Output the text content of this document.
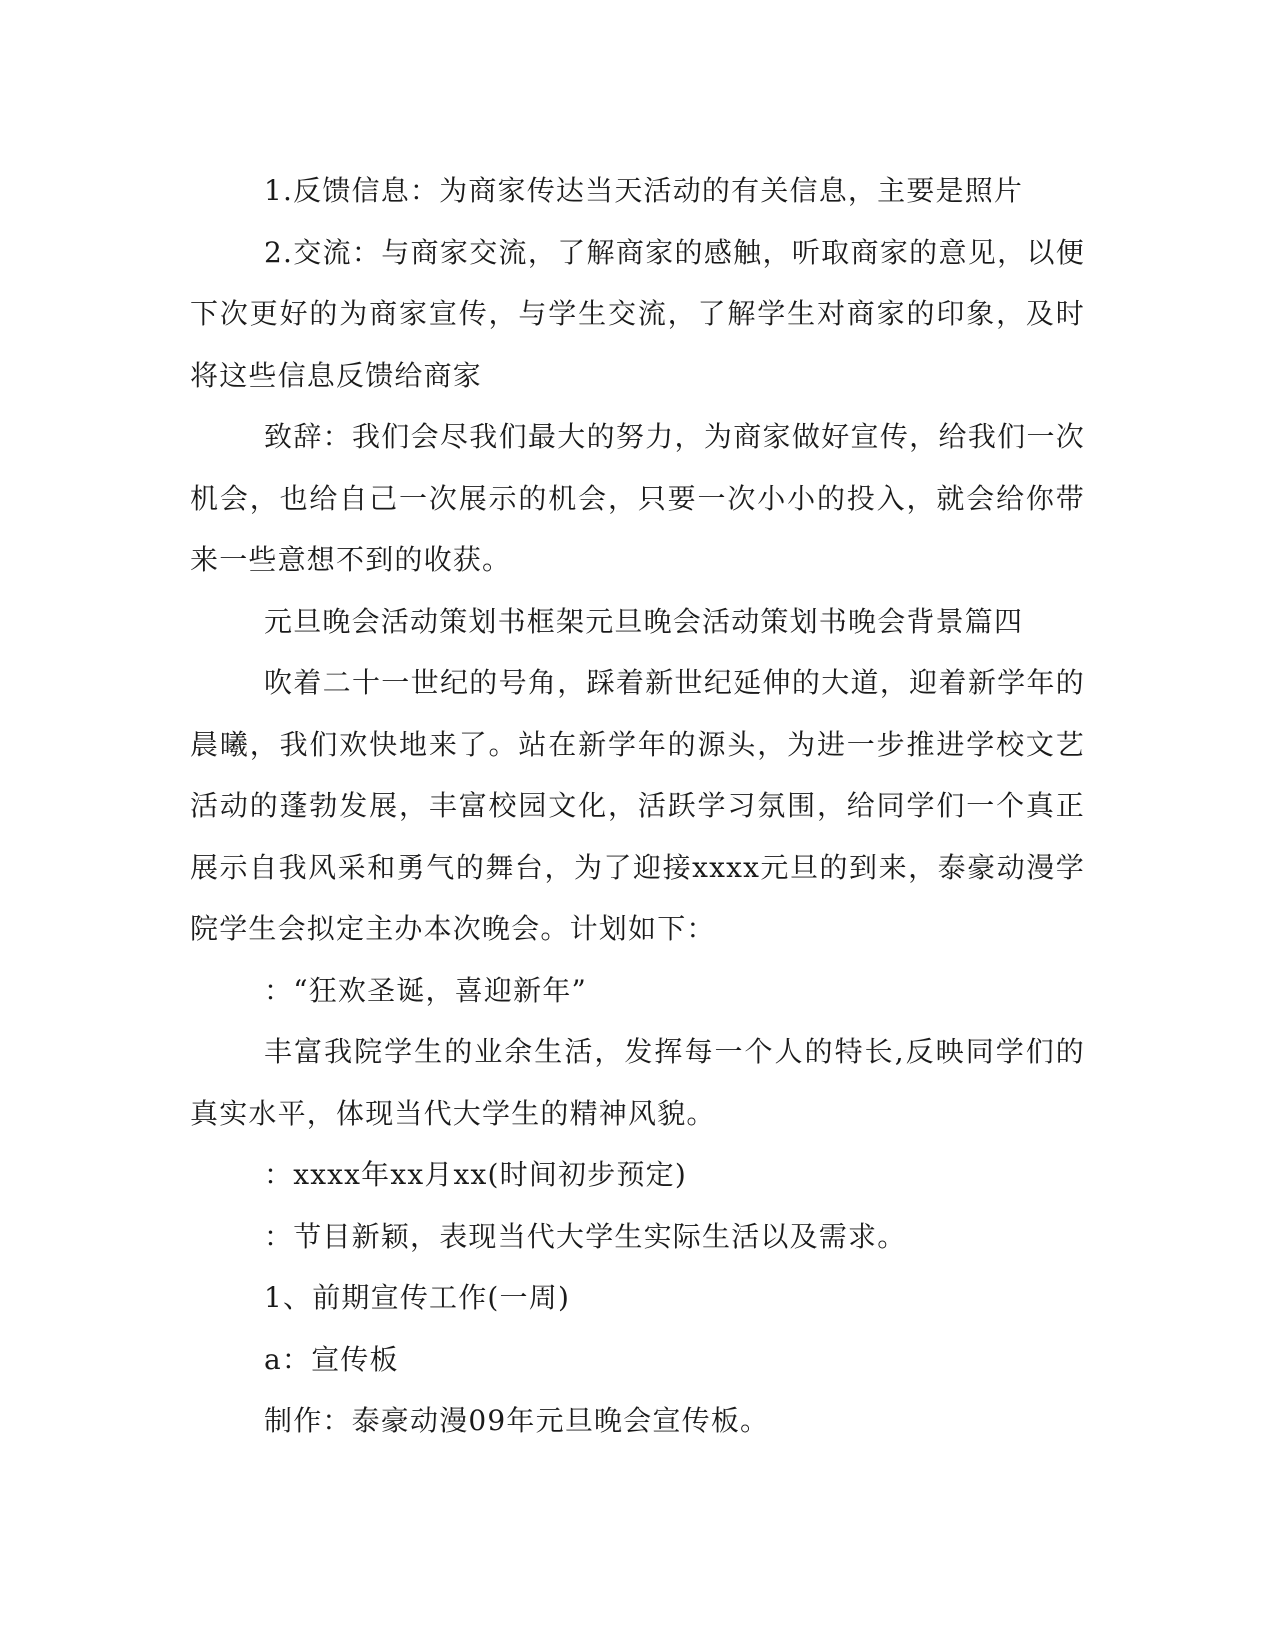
1.反馈信息：为商家传达当天活动的有关信息，主要是照片

2.交流：与商家交流，了解商家的感触，听取商家的意见，以便下次更好的为商家宣传，与学生交流，了解学生对商家的印象，及时将这些信息反馈给商家

致辞：我们会尽我们最大的努力，为商家做好宣传，给我们一次机会，也给自己一次展示的机会，只要一次小小的投入，就会给你带来一些意想不到的收获。

元旦晚会活动策划书框架元旦晚会活动策划书晚会背景篇四

吹着二十一世纪的号角，踩着新世纪延伸的大道，迎着新学年的晨曦，我们欢快地来了。站在新学年的源头，为进一步推进学校文艺活动的蓬勃发展，丰富校园文化，活跃学习氛围，给同学们一个真正展示自我风采和勇气的舞台，为了迎接xxxx元旦的到来，泰豪动漫学院学生会拟定主办本次晚会。计划如下：

：“狂欢圣诞，喜迎新年”

丰富我院学生的业余生活，发挥每一个人的特长,反映同学们的真实水平，体现当代大学生的精神风貌。

：xxxx年xx月xx(时间初步预定)

：节目新颖，表现当代大学生实际生活以及需求。

1、前期宣传工作(一周)

a：宣传板

制作：泰豪动漫09年元旦晚会宣传板。
